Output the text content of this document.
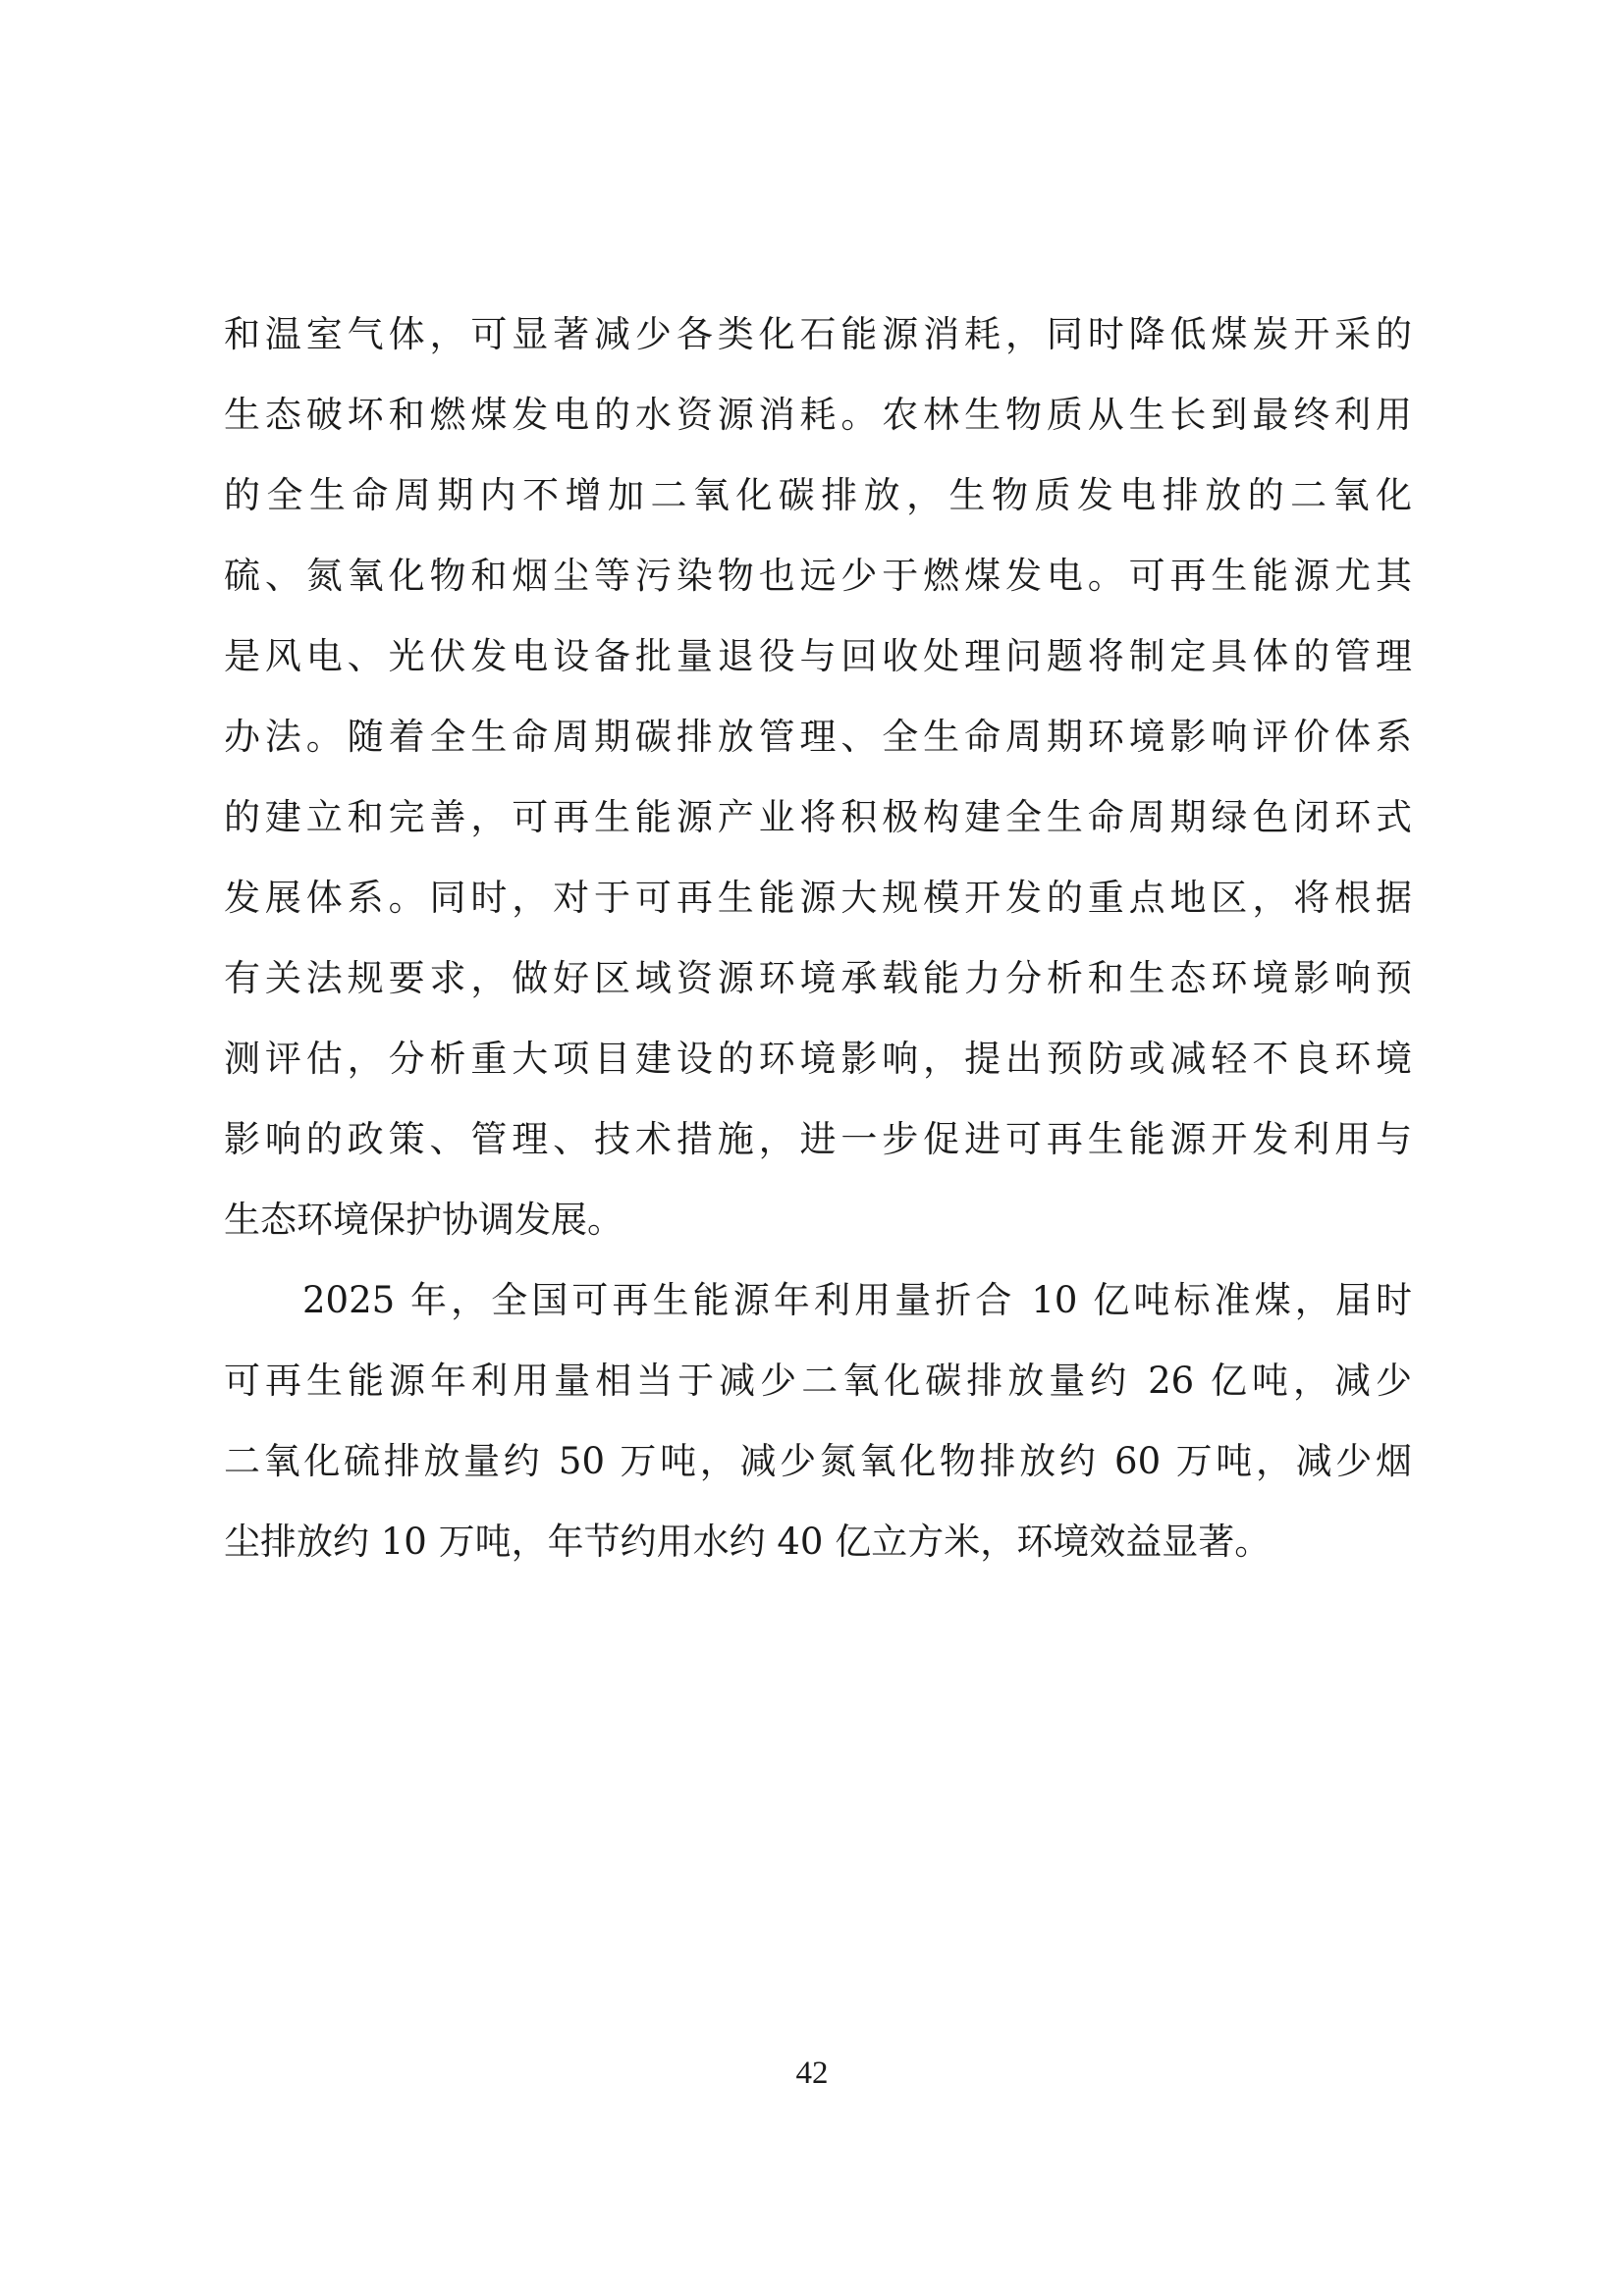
和温室气体，可显著减少各类化石能源消耗，同时降低煤炭开采的
生态破坏和燃煤发电的水资源消耗。农林生物质从生长到最终利用
的全生命周期内不增加二氧化碳排放，生物质发电排放的二氧化
硫、氮氧化物和烟尘等污染物也远少于燃煤发电。可再生能源尤其
是风电、光伏发电设备批量退役与回收处理问题将制定具体的管理
办法。随着全生命周期碳排放管理、全生命周期环境影响评价体系
的建立和完善，可再生能源产业将积极构建全生命周期绿色闭环式
发展体系。同时，对于可再生能源大规模开发的重点地区，将根据
有关法规要求，做好区域资源环境承载能力分析和生态环境影响预
测评估，分析重大项目建设的环境影响，提出预防或减轻不良环境
影响的政策、管理、技术措施，进一步促进可再生能源开发利用与
生态环境保护协调发展。
2025 年，全国可再生能源年利用量折合 10 亿吨标准煤，届时
可再生能源年利用量相当于减少二氧化碳排放量约 26 亿吨，减少
二氧化硫排放量约 50 万吨，减少氮氧化物排放约 60 万吨，减少烟
尘排放约 10 万吨，年节约用水约 40 亿立方米，环境效益显著。
42
